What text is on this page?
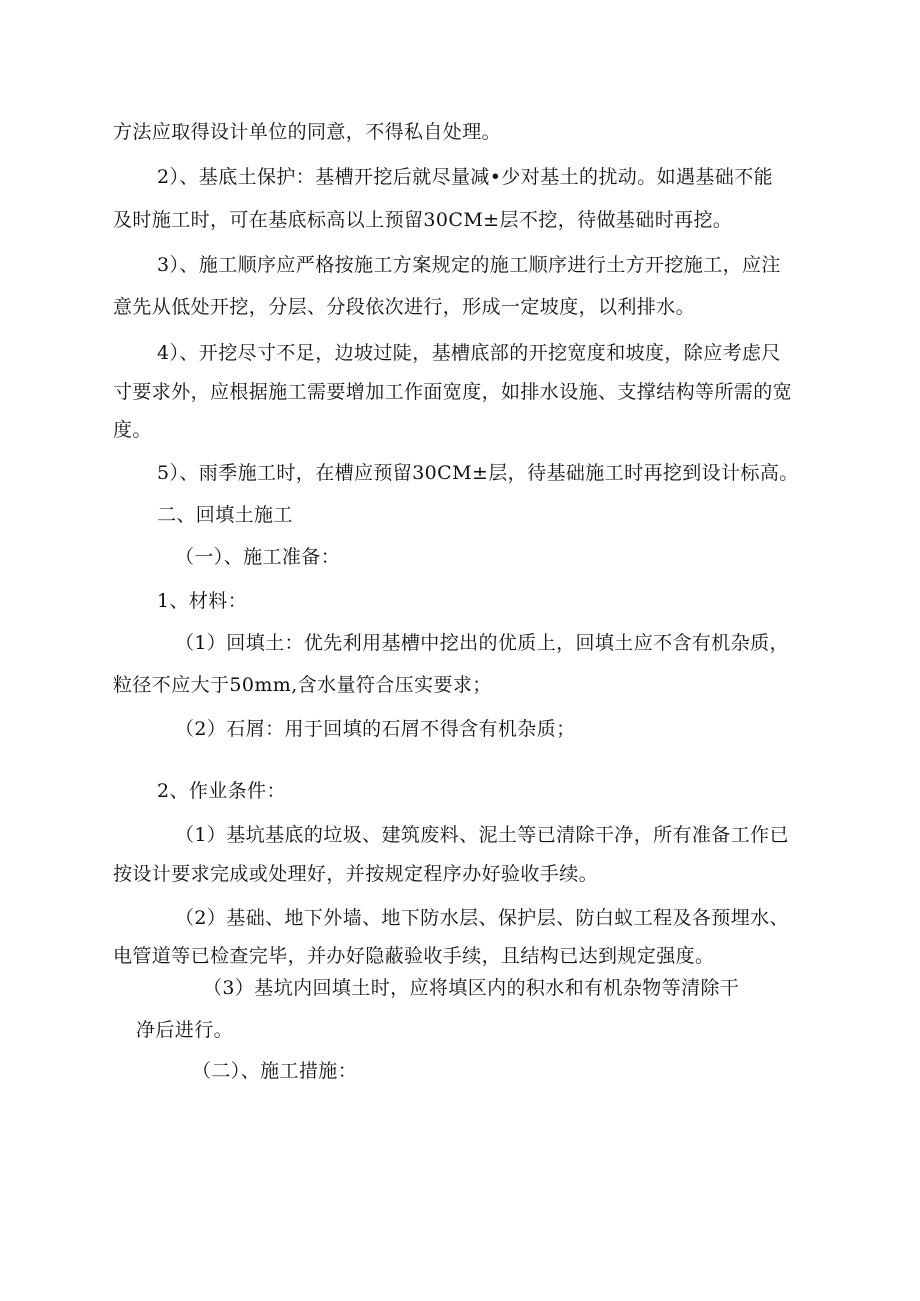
方法应取得设计单位的同意，不得私自处理。
2）、基底土保护：基槽开挖后就尽量减•少对基土的扰动。如遇基础不能
及时施工时，可在基底标高以上预留30CM±层不挖，待做基础时再挖。
3）、施工顺序应严格按施工方案规定的施工顺序进行土方开挖施工，应注
意先从低处开挖，分层、分段依次进行，形成一定坡度，以利排水。
4）、开挖尽寸不足，边坡过陡，基槽底部的开挖宽度和坡度，除应考虑尺
寸要求外，应根据施工需要增加工作面宽度，如排水设施、支撑结构等所需的宽
度。
5）、雨季施工时，在槽应预留30CM±层，待基础施工时再挖到设计标高。
二、回填土施工
（一）、施工准备：
1、材料：
（1）回填土：优先利用基槽中挖出的优质上，回填土应不含有机杂质，
粒径不应大于50mm,含水量符合压实要求；
（2）石屑：用于回填的石屑不得含有机杂质；
2、作业条件：
（1）基坑基底的垃圾、建筑废料、泥土等已清除干净，所有准备工作已
按设计要求完成或处理好，并按规定程序办好验收手续。
（2）基础、地下外墙、地下防水层、保护层、防白蚁工程及各预埋水、
电管道等已检查完毕，并办好隐蔽验收手续，且结构已达到规定强度。
（3）基坑内回填土时，应将填区内的积水和有机杂物等清除干
净后进行。
（二）、施工措施：
